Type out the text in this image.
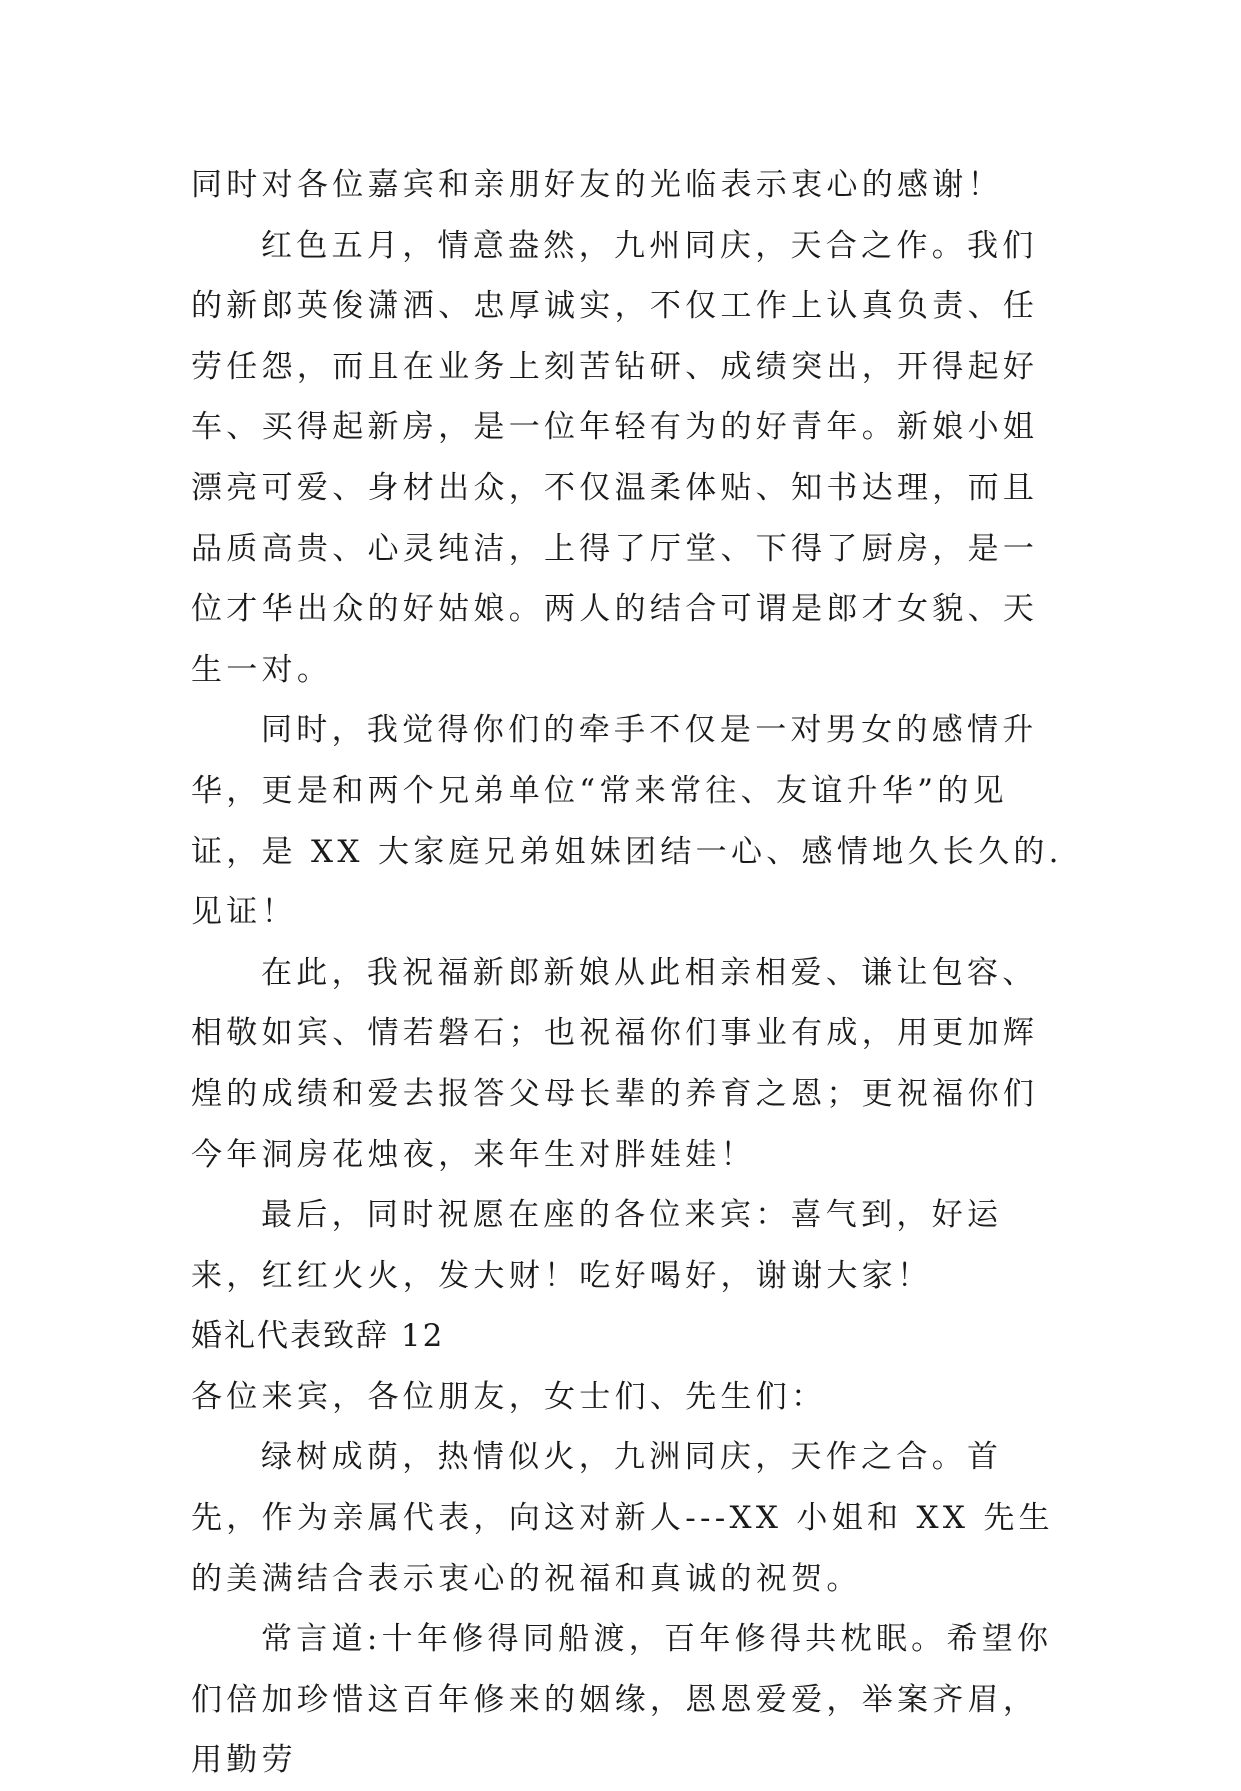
同时对各位嘉宾和亲朋好友的光临表示衷心的感谢！

红色五月，情意盎然，九州同庆，天合之作。我们的新郎英俊潇洒、忠厚诚实，不仅工作上认真负责、任劳任怨，而且在业务上刻苦钻研、成绩突出，开得起好车、买得起新房，是一位年轻有为的好青年。新娘小姐漂亮可爱、身材出众，不仅温柔体贴、知书达理，而且品质高贵、心灵纯洁，上得了厅堂、下得了厨房，是一位才华出众的好姑娘。两人的结合可谓是郎才女貌、天生一对。

同时，我觉得你们的牵手不仅是一对男女的感情升华，更是和两个兄弟单位“常来常往、友谊升华”的见证，是 XX 大家庭兄弟姐妹团结一心、感情地久长久的.见证！

在此，我祝福新郎新娘从此相亲相爱、谦让包容、相敬如宾、情若磐石；也祝福你们事业有成，用更加辉煌的成绩和爱去报答父母长辈的养育之恩；更祝福你们今年洞房花烛夜，来年生对胖娃娃！

最后，同时祝愿在座的各位来宾：喜气到，好运来，红红火火，发大财！吃好喝好，谢谢大家！

婚礼代表致辞 12

各位来宾，各位朋友，女士们、先生们：

绿树成荫，热情似火，九洲同庆，天作之合。首先，作为亲属代表，向这对新人---XX 小姐和 XX 先生的美满结合表示衷心的祝福和真诚的祝贺。

常言道:十年修得同船渡，百年修得共枕眠。希望你们倍加珍惜这百年修来的姻缘，恩恩爱爱，举案齐眉，用勤劳
